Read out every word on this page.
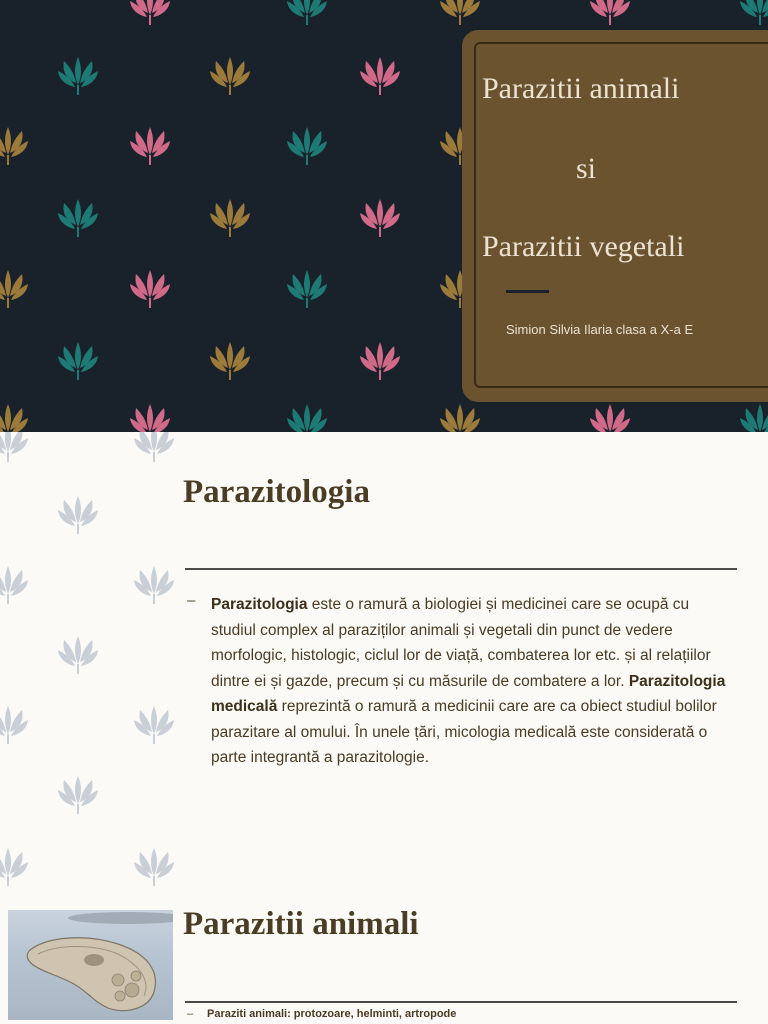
Parazitii animali
si
Parazitii vegetali
Simion Silvia Ilaria clasa a X-a E
Parazitologia
– Parazitologia este o ramură a biologiei și medicinei care se ocupă cu studiul complex al paraziților animali și vegetali din punct de vedere morfologic, histologic, ciclul lor de viață, combaterea lor etc. și al relațiilor dintre ei și gazde, precum și cu măsurile de combatere a lor. Parazitologia medicală reprezintă o ramură a medicinii care are ca obiect studiul bolilor parazitare al omului. În unele țări, micologia medicală este considerată o parte integrantă a parazitologie.
Parazitii animali
– Paraziti animali: protozoare, helminti, artropode
